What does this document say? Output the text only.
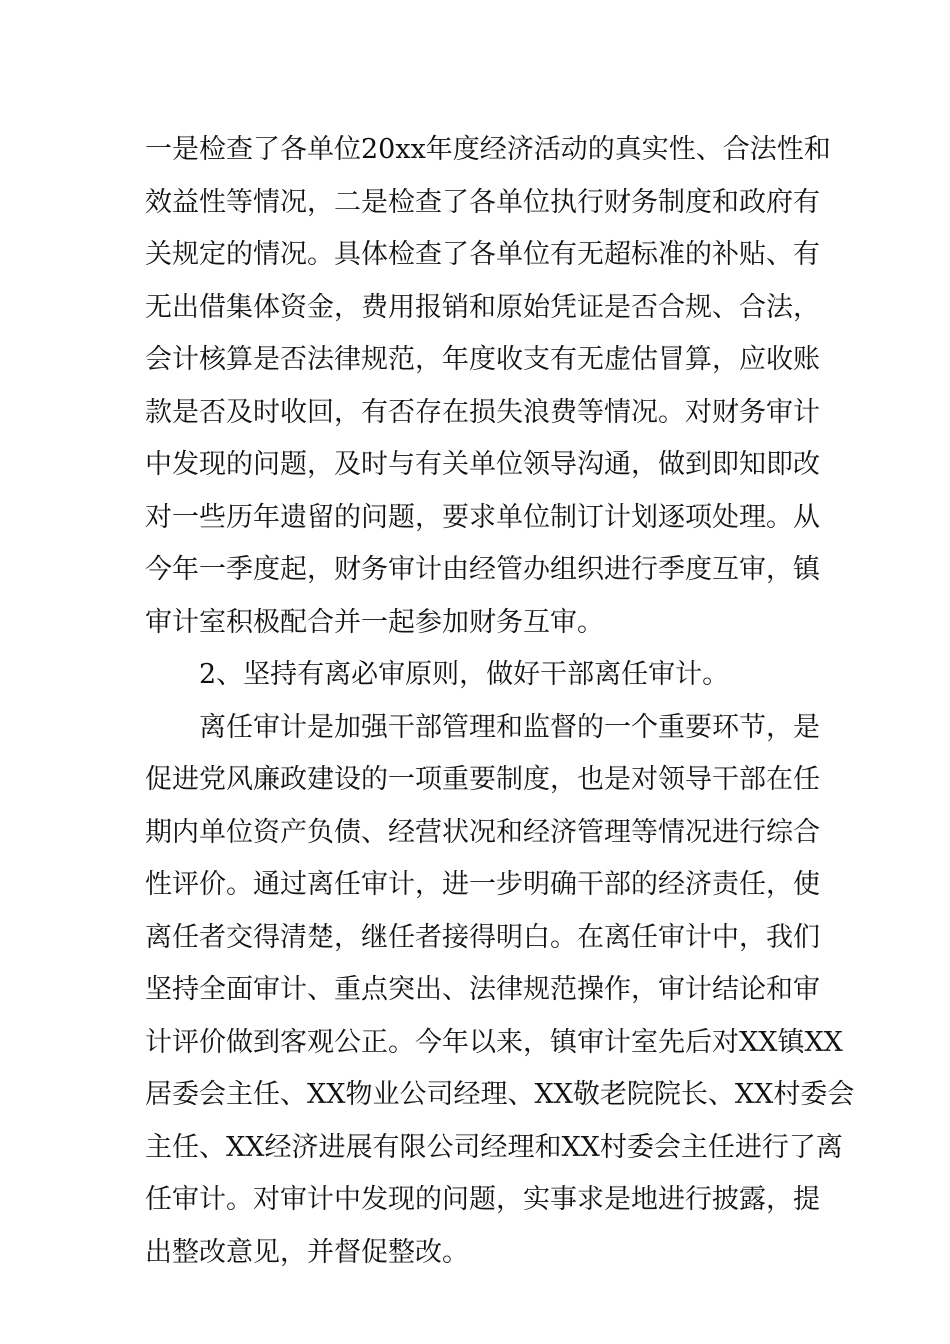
一是检查了各单位20xx年度经济活动的真实性、合法性和
效益性等情况，二是检查了各单位执行财务制度和政府有
关规定的情况。具体检查了各单位有无超标准的补贴、有
无出借集体资金，费用报销和原始凭证是否合规、合法，
会计核算是否法律规范，年度收支有无虚估冒算，应收账
款是否及时收回，有否存在损失浪费等情况。对财务审计
中发现的问题，及时与有关单位领导沟通，做到即知即改
对一些历年遗留的问题，要求单位制订计划逐项处理。从
今年一季度起，财务审计由经管办组织进行季度互审，镇
审计室积极配合并一起参加财务互审。
2、坚持有离必审原则，做好干部离任审计。
离任审计是加强干部管理和监督的一个重要环节，是
促进党风廉政建设的一项重要制度，也是对领导干部在任
期内单位资产负债、经营状况和经济管理等情况进行综合
性评价。通过离任审计，进一步明确干部的经济责任，使
离任者交得清楚，继任者接得明白。在离任审计中，我们
坚持全面审计、重点突出、法律规范操作，审计结论和审
计评价做到客观公正。今年以来，镇审计室先后对XX镇XX
居委会主任、XX物业公司经理、XX敬老院院长、XX村委会
主任、XX经济进展有限公司经理和XX村委会主任进行了离
任审计。对审计中发现的问题，实事求是地进行披露，提
出整改意见，并督促整改。
